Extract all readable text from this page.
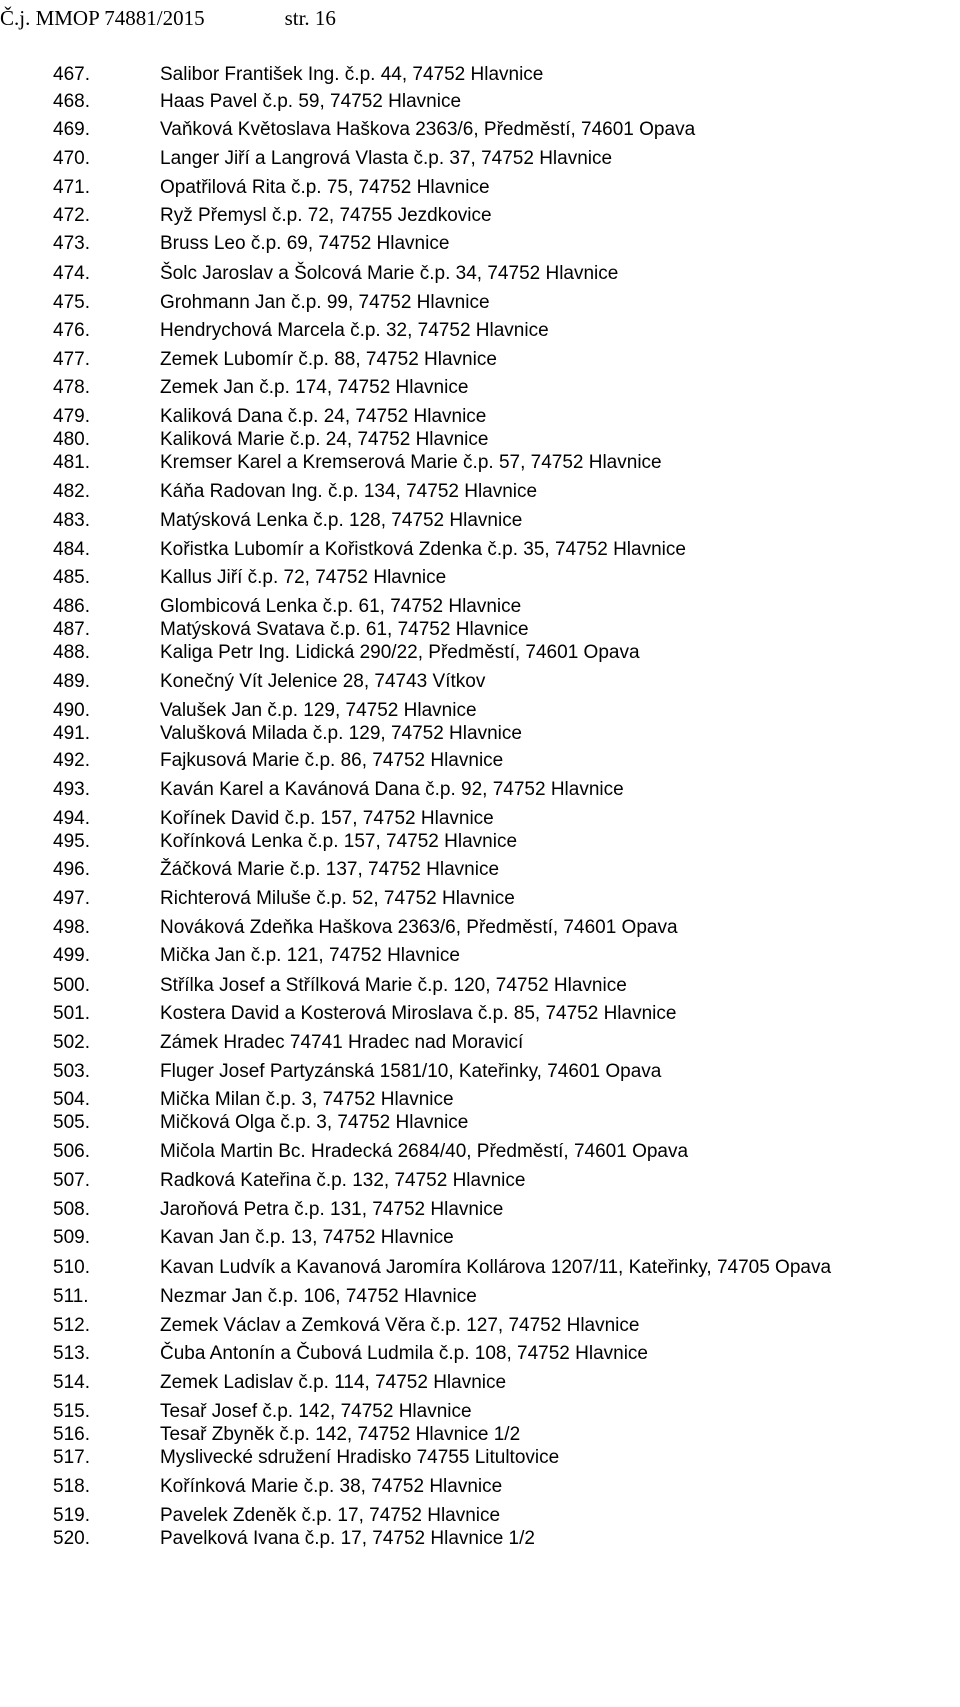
Č.j. MMOP 74881/2015	str. 16
467.	Salibor František Ing. č.p. 44, 74752 Hlavnice
468.	Haas Pavel č.p. 59, 74752 Hlavnice
469.	Vaňková Květoslava Haškova 2363/6, Předměstí, 74601 Opava
470.	Langer Jiří a Langrová Vlasta č.p. 37, 74752 Hlavnice
471.	Opatřilová Rita č.p. 75, 74752 Hlavnice
472.	Ryž Přemysl č.p. 72, 74755 Jezdkovice
473.	Bruss Leo č.p. 69, 74752 Hlavnice
474.	Šolc Jaroslav a Šolcová Marie č.p. 34, 74752 Hlavnice
475.	Grohmann Jan č.p. 99, 74752 Hlavnice
476.	Hendrychová Marcela č.p. 32, 74752 Hlavnice
477.	Zemek Lubomír č.p. 88, 74752 Hlavnice
478.	Zemek Jan č.p. 174, 74752 Hlavnice
479.	Kaliková Dana č.p. 24, 74752 Hlavnice
480.	Kaliková Marie č.p. 24, 74752 Hlavnice
481.	Kremser Karel a Kremserová Marie č.p. 57, 74752 Hlavnice
482.	Káňa Radovan Ing. č.p. 134, 74752 Hlavnice
483.	Matýsková Lenka č.p. 128, 74752 Hlavnice
484.	Kořistka Lubomír a Kořistková Zdenka č.p. 35, 74752 Hlavnice
485.	Kallus Jiří č.p. 72, 74752 Hlavnice
486.	Glombicová Lenka č.p. 61, 74752 Hlavnice
487.	Matýsková Svatava č.p. 61, 74752 Hlavnice
488.	Kaliga Petr Ing. Lidická 290/22, Předměstí, 74601 Opava
489.	Konečný Vít Jelenice 28, 74743 Vítkov
490.	Valušek Jan č.p. 129, 74752 Hlavnice
491.	Valušková Milada č.p. 129, 74752 Hlavnice
492.	Fajkusová Marie č.p. 86, 74752 Hlavnice
493.	Kaván Karel a Kavánová Dana č.p. 92, 74752 Hlavnice
494.	Kořínek David č.p. 157, 74752 Hlavnice
495.	Kořínková Lenka č.p. 157, 74752 Hlavnice
496.	Žáčková Marie č.p. 137, 74752 Hlavnice
497.	Richterová Miluše č.p. 52, 74752 Hlavnice
498.	Nováková Zdeňka Haškova 2363/6, Předměstí, 74601 Opava
499.	Mička Jan č.p. 121, 74752 Hlavnice
500.	Střílka Josef a Střílková Marie č.p. 120, 74752 Hlavnice
501.	Kostera David a Kosterová Miroslava č.p. 85, 74752 Hlavnice
502.	Zámek Hradec 74741 Hradec nad Moravicí
503.	Fluger Josef Partyzánská 1581/10, Kateřinky, 74601 Opava
504.	Mička Milan č.p. 3, 74752 Hlavnice
505.	Mičková Olga č.p. 3, 74752 Hlavnice
506.	Mičola Martin Bc. Hradecká 2684/40, Předměstí, 74601 Opava
507.	Radková Kateřina č.p. 132, 74752 Hlavnice
508.	Jaroňová Petra č.p. 131, 74752 Hlavnice
509.	Kavan Jan č.p. 13, 74752 Hlavnice
510.	Kavan Ludvík a Kavanová Jaromíra Kollárova 1207/11, Kateřinky, 74705 Opava
511.	Nezmar Jan č.p. 106, 74752 Hlavnice
512.	Zemek Václav a Zemková Věra č.p. 127, 74752 Hlavnice
513.	Čuba Antonín a Čubová Ludmila č.p. 108, 74752 Hlavnice
514.	Zemek Ladislav č.p. 114, 74752 Hlavnice
515.	Tesař Josef č.p. 142, 74752 Hlavnice
516.	Tesař Zbyněk č.p. 142, 74752 Hlavnice 1/2
517.	Myslivecké sdružení Hradisko 74755 Litultovice
518.	Kořínková Marie č.p. 38, 74752 Hlavnice
519.	Pavelek Zdeněk č.p. 17, 74752 Hlavnice
520.	Pavelková Ivana č.p. 17, 74752 Hlavnice 1/2
